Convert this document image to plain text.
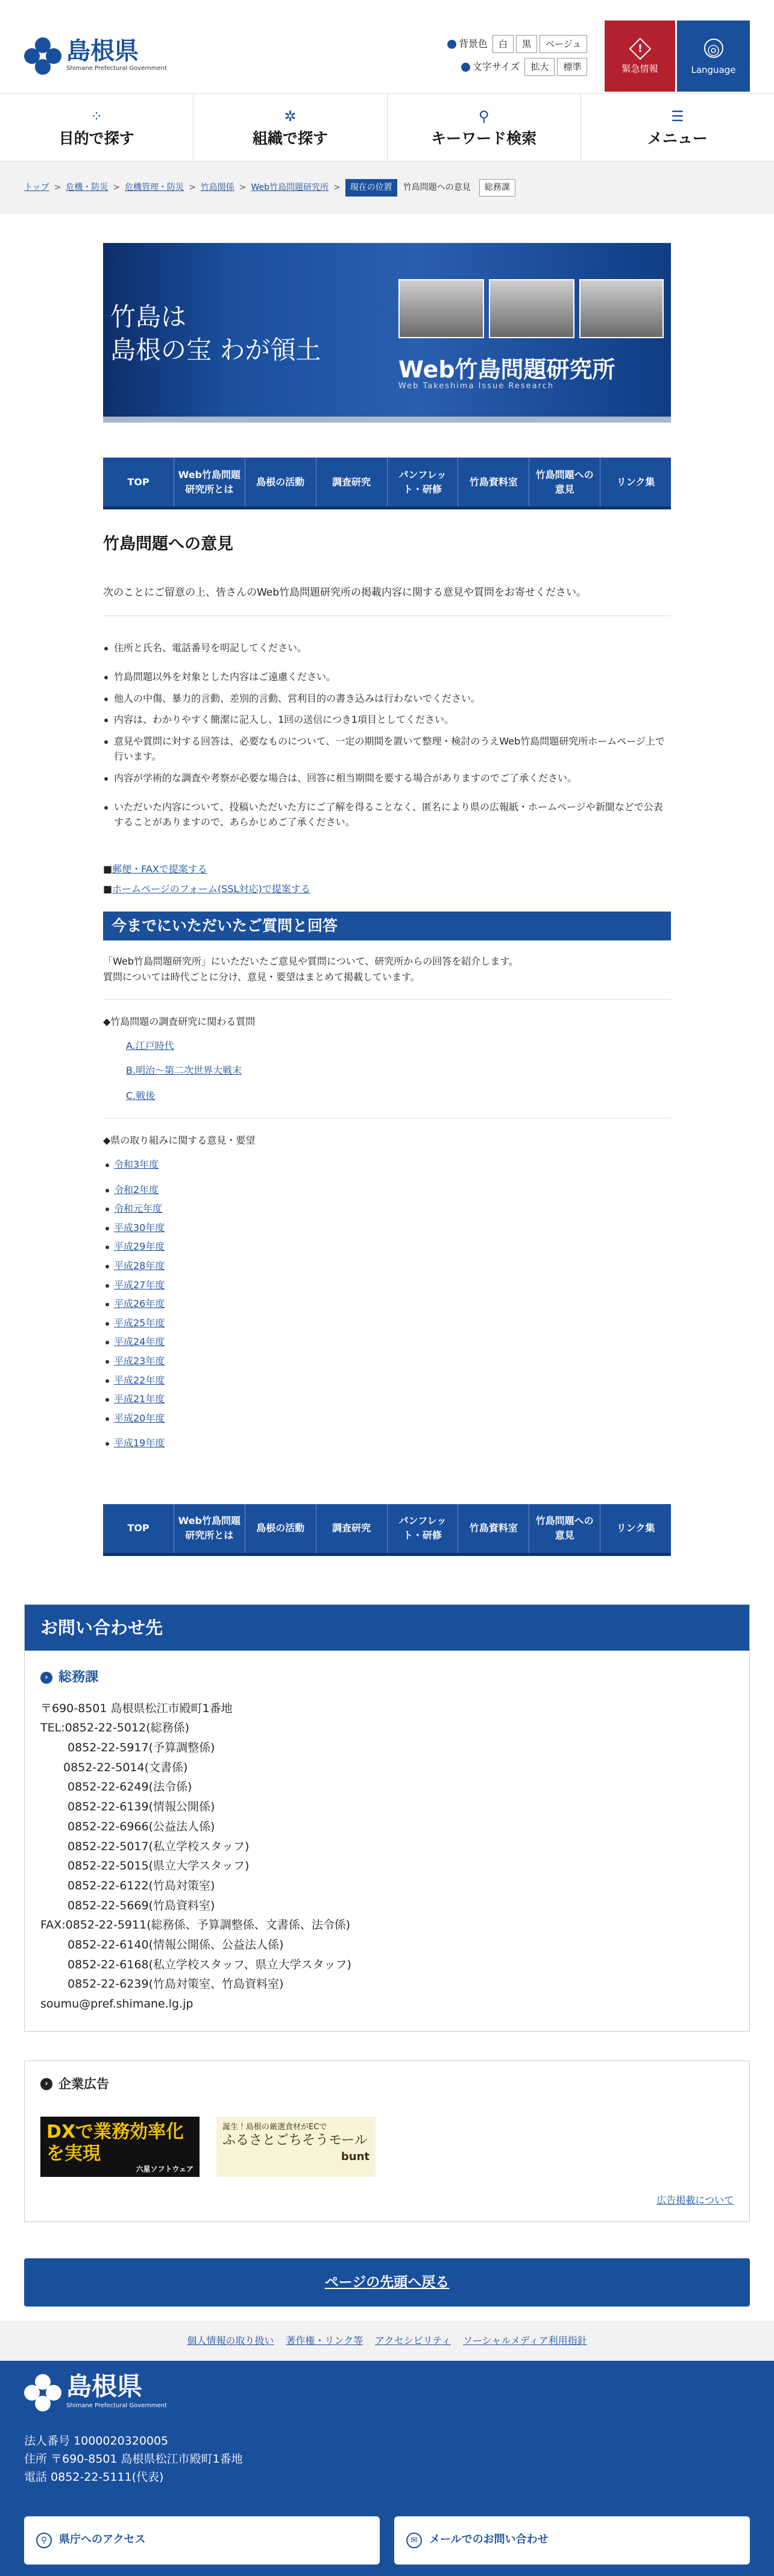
島根県
Shimane Prefectural Government
背景色	白	黒	ベージュ
文字サイズ	拡大	標準
!
緊急情報
◎
Language
⁘
目的で探す
✲
組織で探す
⚲
キーワード検索
☰
メニュー
トップ > 危機・防災 > 危機管理・防災 > 竹島関係 > Web竹島問題研究所 >	現在の位置	竹島問題への意見	総務課
竹島は
島根の宝 わが領土
Web竹島問題研究所
Web Takeshima Issue Research
TOP
Web竹島問題研究所とは
島根の活動	調査研究
パンフレット・研修
竹島資料室
竹島問題への意見
リンク集
竹島問題への意見

次のことにご留意の上、皆さんのWeb竹島問題研究所の掲載内容に関する意見や質問をお寄せください。

住所と氏名、電話番号を明記してください。
竹島問題以外を対象とした内容はご遠慮ください。
他人の中傷、暴力的言動、差別的言動、営利目的の書き込みは行わないでください。
内容は、わかりやすく簡潔に記入し、1回の送信につき1項目としてください。
意見や質問に対する回答は、必要なものについて、一定の期間を置いて整理・検討のうえWeb竹島問題研究所ホームページ上で行います。
内容が学術的な調査や考察が必要な場合は、回答に相当期間を要する場合がありますのでご了承ください。
いただいた内容について、投稿いただいた方にご了解を得ることなく、匿名により県の広報紙・ホームページや新聞などで公表することがありますので、あらかじめご了承ください。
■郵便・FAXで提案する
■ホームページのフォーム(SSL対応)で提案する
今までにいただいたご質問と回答

「Web竹島問題研究所」にいただいたご意見や質問について、研究所からの回答を紹介します。

質問については時代ごとに分け、意見・要望はまとめて掲載しています。

◆竹島問題の調査研究に関わる質問
A.江戸時代
B.明治～第二次世界大戦末
C.戦後
◆県の取り組みに関する意見・要望
令和3年度
令和2年度
令和元年度
平成30年度
平成29年度
平成28年度
平成27年度
平成26年度
平成25年度
平成24年度
平成23年度
平成22年度
平成21年度
平成20年度
平成19年度
TOP
Web竹島問題研究所とは
島根の活動	調査研究
パンフレット・研修
竹島資料室
竹島問題への意見
リンク集
お問い合わせ先
› 総務課
〒690-8501 島根県松江市殿町1番地
TEL:0852-22-5012(総務係)
0852-22-5917(予算調整係)
0852-22-5014(文書係)
0852-22-6249(法令係)
0852-22-6139(情報公開係)
0852-22-6966(公益法人係)
0852-22-5017(私立学校スタッフ)
0852-22-5015(県立大学スタッフ)
0852-22-6122(竹島対策室)
0852-22-5669(竹島資料室)
FAX:0852-22-5911(総務係、予算調整係、文書係、法令係)
0852-22-6140(情報公開係、公益法人係)
0852-22-6168(私立学校スタッフ、県立大学スタッフ)
0852-22-6239(竹島対策室、竹島資料室)
soumu@pref.shimane.lg.jp
› 企業広告
DXで業務効率化を実現
六星ソフトウェア
誕生！島根の厳選食材がECで
ふるさとごちそうモール
bunt
広告掲載について
ページの先頭へ戻る
個人情報の取り扱い 著作権・リンク等 アクセシビリティ ソーシャルメディア利用指針
島根県
Shimane Prefectural Government
法人番号 1000020320005
住所 〒690-8501 島根県松江市殿町1番地
電話 0852-22-5111(代表)
⚲	県庁へのアクセス	✉	メールでのお問い合わせ
